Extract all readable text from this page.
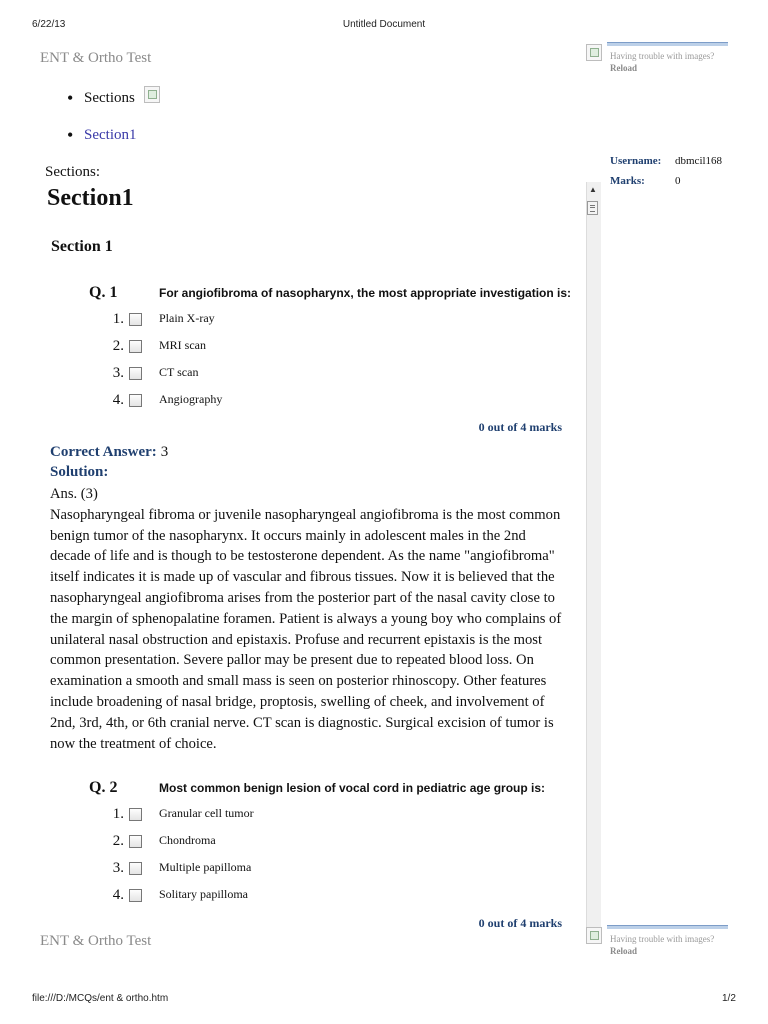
6/22/13	Untitled Document
ENT & Ortho Test
• Sections
• Section1
Having trouble with images?
Reload
Username: dbmcil168
Marks:	0
▲
Sections:
Section1
Section 1
Q. 1	For angiofibroma of nasopharynx, the most appropriate investigation is:
1.	Plain X-ray
2.	MRI scan
3.	CT scan
4.	Angiography
0 out of 4 marks
Correct Answer: 3
Solution:
Ans. (3)
Nasopharyngeal fibroma or juvenile nasopharyngeal angiofibroma is the most common
benign tumor of the nasopharynx. It occurs mainly in adolescent males in the 2nd
decade of life and is though to be testosterone dependent. As the name "angiofibroma"
itself indicates it is made up of vascular and fibrous tissues. Now it is believed that the
nasopharyngeal angiofibroma arises from the posterior part of the nasal cavity close to
the margin of sphenopalatine foramen. Patient is always a young boy who complains of
unilateral nasal obstruction and epistaxis. Profuse and recurrent epistaxis is the most
common presentation. Severe pallor may be present due to repeated blood loss. On
examination a smooth and small mass is seen on posterior rhinoscopy. Other features
include broadening of nasal bridge, proptosis, swelling of cheek, and involvement of
2nd, 3rd, 4th, or 6th cranial nerve. CT scan is diagnostic. Surgical excision of tumor is
now the treatment of choice.
Q. 2	Most common benign lesion of vocal cord in pediatric age group is:
1.	Granular cell tumor
2.	Chondroma
3.	Multiple papilloma
4.	Solitary papilloma
0 out of 4 marks
ENT & Ortho Test	Having trouble with images?
Reload
file:///D:/MCQs/ent & ortho.htm	1/2
